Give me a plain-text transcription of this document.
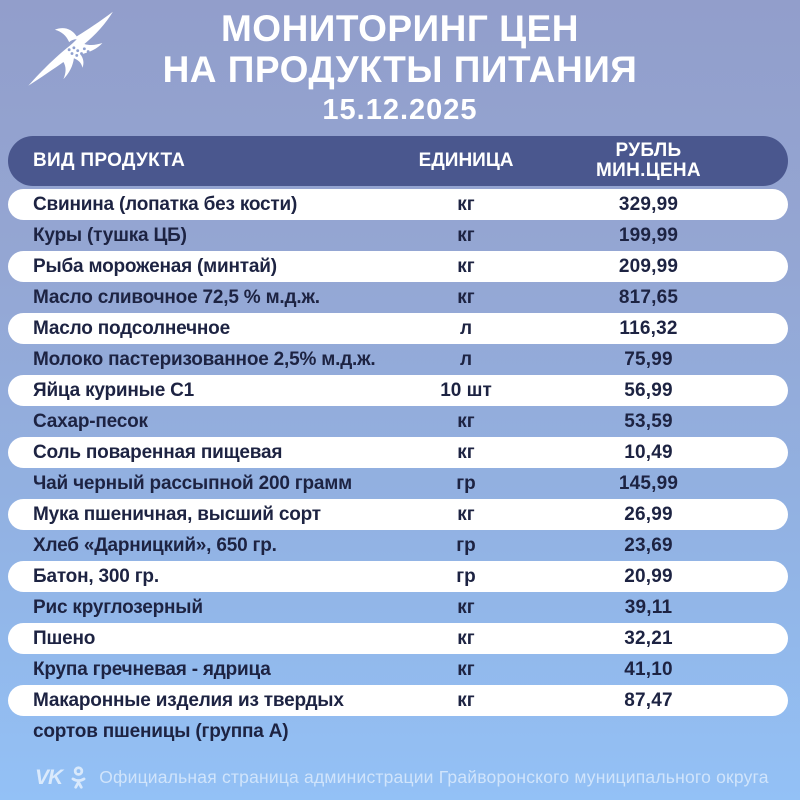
МОНИТОРИНГ ЦЕН
НА ПРОДУКТЫ ПИТАНИЯ
15.12.2025
ВИД ПРОДУКТА	ЕДИНИЦА	РУБЛЬ
МИН.ЦЕНА
Свинина (лопатка без кости)	кг	329,99
Куры (тушка ЦБ)	кг	199,99
Рыба мороженая (минтай)	кг	209,99
Масло сливочное 72,5 % м.д.ж.	кг	817,65
Масло подсолнечное	л	116,32
Молоко пастеризованное 2,5% м.д.ж.	л	75,99
Яйца куриные С1	10 шт	56,99
Сахар-песок	кг	53,59
Соль поваренная пищевая	кг	10,49
Чай черный рассыпной 200 грамм	гр	145,99
Мука пшеничная, высший сорт	кг	26,99
Хлеб «Дарницкий», 650 гр.	гр	23,69
Батон, 300 гр.	гр	20,99
Рис круглозерный	кг	39,11
Пшено	кг	32,21
Крупа гречневая - ядрица	кг	41,10
Макаронные изделия из твердых	кг	87,47
сортов пшеницы (группа А)
VK Официальная страница администрации Грайворонского муниципального округа
